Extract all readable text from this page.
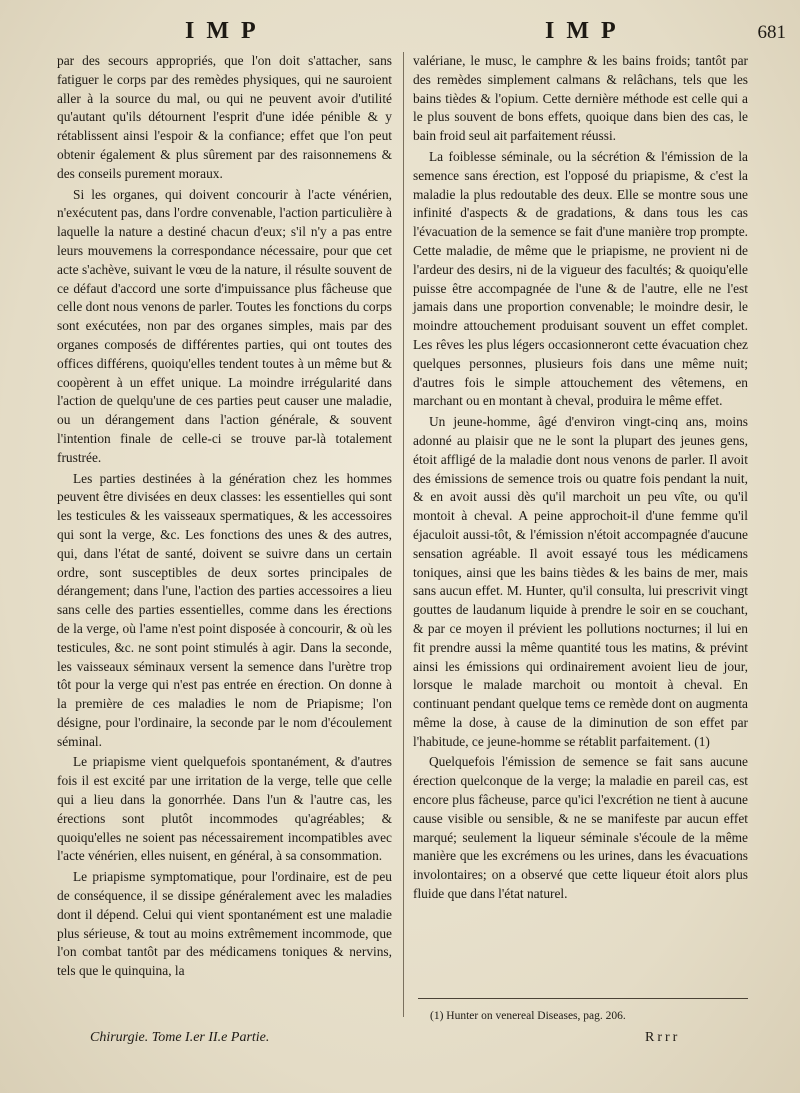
IMP	IMP	681

par des secours appropriés, que l'on doit s'attacher, sans fatiguer le corps par des remèdes physiques, qui ne sauroient aller à la source du mal, ou qui ne peuvent avoir d'utilité qu'autant qu'ils détournent l'esprit d'une idée pénible & y rétablissent ainsi l'espoir & la confiance; effet que l'on peut obtenir également & plus sûrement par des raisonnemens & des conseils purement moraux.

Si les organes, qui doivent concourir à l'acte vénérien, n'exécutent pas, dans l'ordre convenable, l'action particulière à laquelle la nature a destiné chacun d'eux; s'il n'y a pas entre leurs mouvemens la correspondance nécessaire, pour que cet acte s'achève, suivant le vœu de la nature, il résulte souvent de ce défaut d'accord une sorte d'impuissance plus fâcheuse que celle dont nous venons de parler. Toutes les fonctions du corps sont exécutées, non par des organes simples, mais par des organes composés de différentes parties, qui ont toutes des offices différens, quoiqu'elles tendent toutes à un même but & coopèrent à un effet unique. La moindre irrégularité dans l'action de quelqu'une de ces parties peut causer une maladie, ou un dérangement dans l'action générale, & souvent l'intention finale de celle-ci se trouve par-là totalement frustrée.

Les parties destinées à la génération chez les hommes peuvent être divisées en deux classes: les essentielles qui sont les testicules & les vaisseaux spermatiques, & les accessoires qui sont la verge, &c. Les fonctions des unes & des autres, qui, dans l'état de santé, doivent se suivre dans un certain ordre, sont susceptibles de deux sortes principales de dérangement; dans l'une, l'action des parties accessoires a lieu sans celle des parties essentielles, comme dans les érections de la verge, où l'ame n'est point disposée à concourir, & où les testicules, &c. ne sont point stimulés à agir. Dans la seconde, les vaisseaux séminaux versent la semence dans l'urètre trop tôt pour la verge qui n'est pas entrée en érection. On donne à la première de ces maladies le nom de Priapisme; l'on désigne, pour l'ordinaire, la seconde par le nom d'écoulement séminal.

Le priapisme vient quelquefois spontanément, & d'autres fois il est excité par une irritation de la verge, telle que celle qui a lieu dans la gonorrhée. Dans l'un & l'autre cas, les érections sont plutôt incommodes qu'agréables; & quoiqu'elles ne soient pas nécessairement incompatibles avec l'acte vénérien, elles nuisent, en général, à sa consommation.

Le priapisme symptomatique, pour l'ordinaire, est de peu de conséquence, il se dissipe généralement avec les maladies dont il dépend. Celui qui vient spontanément est une maladie plus sérieuse, & tout au moins extrêmement incommode, que l'on combat tantôt par des médicamens toniques & nervins, tels que le quinquina, la

valériane, le musc, le camphre & les bains froids; tantôt par des remèdes simplement calmans & relâchans, tels que les bains tièdes & l'opium. Cette dernière méthode est celle qui a le plus souvent de bons effets, quoique dans bien des cas, le bain froid seul ait parfaitement réussi.

La foiblesse séminale, ou la sécrétion & l'émission de la semence sans érection, est l'opposé du priapisme, & c'est la maladie la plus redoutable des deux. Elle se montre sous une infinité d'aspects & de gradations, & dans tous les cas l'évacuation de la semence se fait d'une manière trop prompte. Cette maladie, de même que le priapisme, ne provient ni de l'ardeur des desirs, ni de la vigueur des facultés; & quoiqu'elle puisse être accompagnée de l'une & de l'autre, elle ne l'est jamais dans une proportion convenable; le moindre desir, le moindre attouchement produisant souvent un effet complet. Les rêves les plus légers occasionneront cette évacuation chez quelques personnes, plusieurs fois dans une même nuit; d'autres fois le simple attouchement des vêtemens, en marchant ou en montant à cheval, produira le même effet.

Un jeune-homme, âgé d'environ vingt-cinq ans, moins adonné au plaisir que ne le sont la plupart des jeunes gens, étoit affligé de la maladie dont nous venons de parler. Il avoit des émissions de semence trois ou quatre fois pendant la nuit, & en avoit aussi dès qu'il marchoit un peu vîte, ou qu'il montoit à cheval. A peine approchoit-il d'une femme qu'il éjaculoit aussi-tôt, & l'émission n'étoit accompagnée d'aucune sensation agréable. Il avoit essayé tous les médicamens toniques, ainsi que les bains tièdes & les bains de mer, mais sans aucun effet. M. Hunter, qu'il consulta, lui prescrivit vingt gouttes de laudanum liquide à prendre le soir en se couchant, & par ce moyen il prévient les pollutions nocturnes; il lui en fit prendre aussi la même quantité tous les matins, & prévint ainsi les émissions qui ordinairement avoient lieu de jour, lorsque le malade marchoit ou montoit à cheval. En continuant pendant quelque tems ce remède dont on augmenta même la dose, à cause de la diminution de son effet par l'habitude, ce jeune-homme se rétablit parfaitement. (1)

Quelquefois l'émission de semence se fait sans aucune érection quelconque de la verge; la maladie en pareil cas, est encore plus fâcheuse, parce qu'ici l'excrétion ne tient à aucune cause visible ou sensible, & ne se manifeste par aucun effet marqué; seulement la liqueur séminale s'écoule de la même manière que les excrémens ou les urines, dans les évacuations involontaires; on a observé que cette liqueur étoit alors plus fluide que dans l'état naturel.

(1) Hunter on venereal Diseases, pag. 206.
Chirurgie. Tome I.er II.e Partie.	Rrrr
